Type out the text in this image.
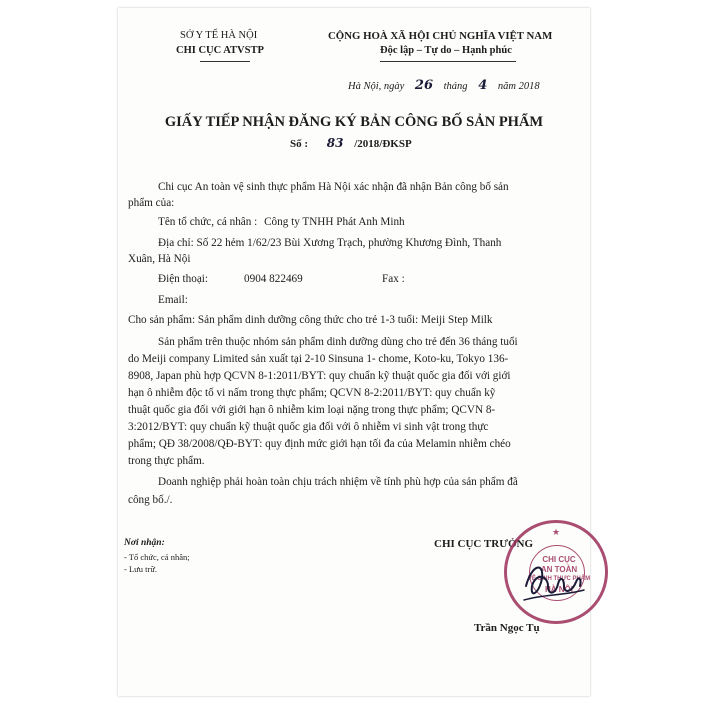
SỞ Y TẾ HÀ NỘI
CHI CỤC ATVSTP
CỘNG HOÀ XÃ HỘI CHỦ NGHĨA VIỆT NAM
Độc lập – Tự do – Hạnh phúc
Hà Nội, ngày 26 tháng 4 năm 2018
GIẤY TIẾP NHẬN ĐĂNG KÝ BẢN CÔNG BỐ SẢN PHẨM
Số : 83 /2018/ĐKSP
Chi cục An toàn vệ sinh thực phẩm Hà Nội xác nhận đã nhận Bản công bố sản
phẩm của:
Tên tổ chức, cá nhân : Công ty TNHH Phát Anh Minh
Địa chỉ: Số 22 hẻm 1/62/23 Bùi Xương Trạch, phường Khương Đình, Thanh
Xuân, Hà Nội
Điện thoại:	0904 822469	Fax :
Email:
Cho sản phẩm: Sản phẩm dinh dưỡng công thức cho trẻ 1-3 tuổi: Meiji Step Milk
Sản phẩm trên thuộc nhóm sản phẩm dinh dưỡng dùng cho trẻ đến 36 tháng tuổi
do Meiji company Limited sản xuất tại 2-10 Sinsuna 1- chome, Koto-ku, Tokyo 136-
8908, Japan phù hợp QCVN 8-1:2011/BYT: quy chuẩn kỹ thuật quốc gia đối với giới
hạn ô nhiễm độc tố vi nấm trong thực phẩm; QCVN 8-2:2011/BYT: quy chuẩn kỹ
thuật quốc gia đối với giới hạn ô nhiễm kim loại nặng trong thực phẩm; QCVN 8-
3:2012/BYT: quy chuẩn kỹ thuật quốc gia đối với ô nhiễm vi sinh vật trong thực
phẩm; QĐ 38/2008/QĐ-BYT: quy định mức giới hạn tối đa của Melamin nhiễm chéo
trong thực phẩm.
Doanh nghiệp phải hoàn toàn chịu trách nhiệm về tính phù hợp của sản phẩm đã
công bố./.
Nơi nhận:
- Tổ chức, cá nhân;
- Lưu trữ.
CHI CỤC TRƯỞNG
★
CHI CỤC
AN TOÀN
VỆ SINH THỰC PHẨM
HÀ NỘI
Trần Ngọc Tụ
